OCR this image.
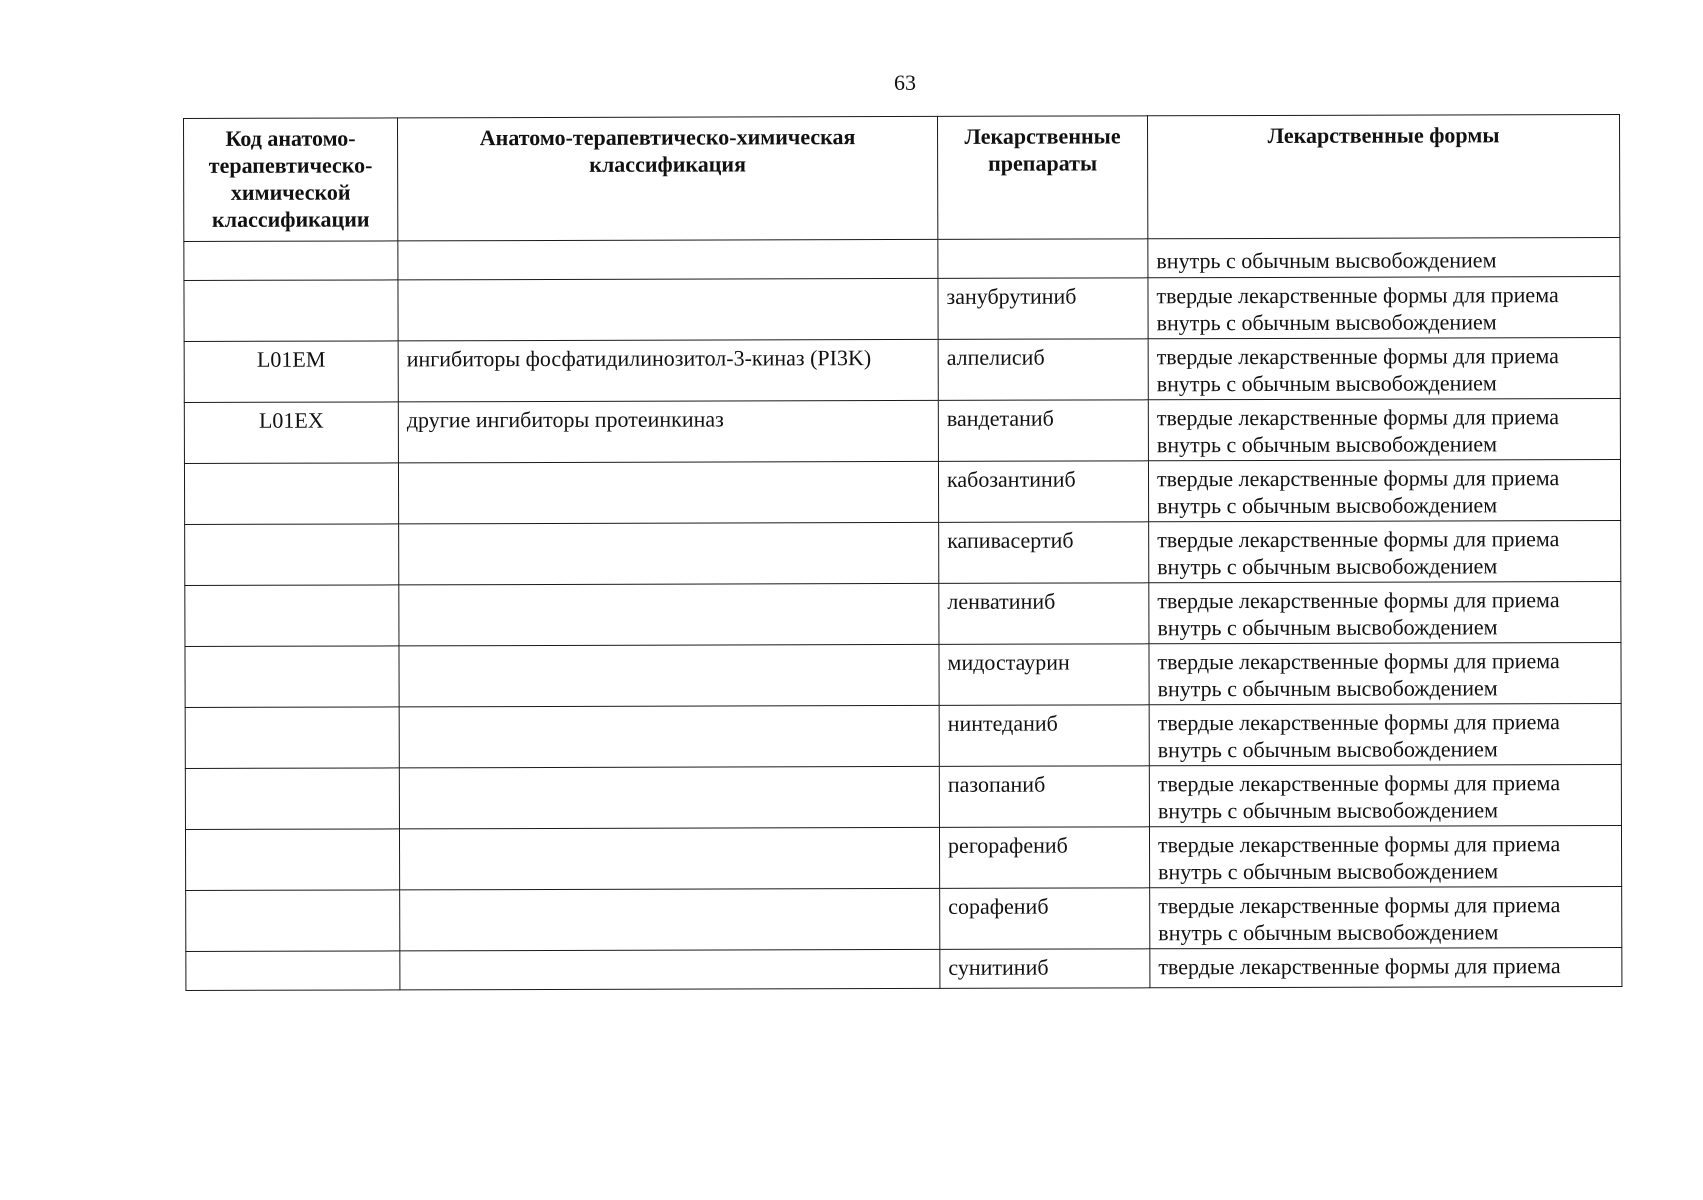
63
Код анатомо-терапевтическо-химической классификации	Анатомо-терапевтическо-химическая классификация	Лекарственные препараты	Лекарственные формы
			внутрь с обычным высвобождением
		занубрутиниб	твердые лекарственные формы для приема внутрь с обычным высвобождением
L01EM	ингибиторы фосфатидилинозитол-3-киназ (PI3K)	алпелисиб	твердые лекарственные формы для приема внутрь с обычным высвобождением
L01EX	другие ингибиторы протеинкиназ	вандетаниб	твердые лекарственные формы для приема внутрь с обычным высвобождением
		кабозантиниб	твердые лекарственные формы для приема внутрь с обычным высвобождением
		капивасертиб	твердые лекарственные формы для приема внутрь с обычным высвобождением
		ленватиниб	твердые лекарственные формы для приема внутрь с обычным высвобождением
		мидостаурин	твердые лекарственные формы для приема внутрь с обычным высвобождением
		нинтеданиб	твердые лекарственные формы для приема внутрь с обычным высвобождением
		пазопаниб	твердые лекарственные формы для приема внутрь с обычным высвобождением
		регорафениб	твердые лекарственные формы для приема внутрь с обычным высвобождением
		сорафениб	твердые лекарственные формы для приема внутрь с обычным высвобождением
		сунитиниб	твердые лекарственные формы для приема
